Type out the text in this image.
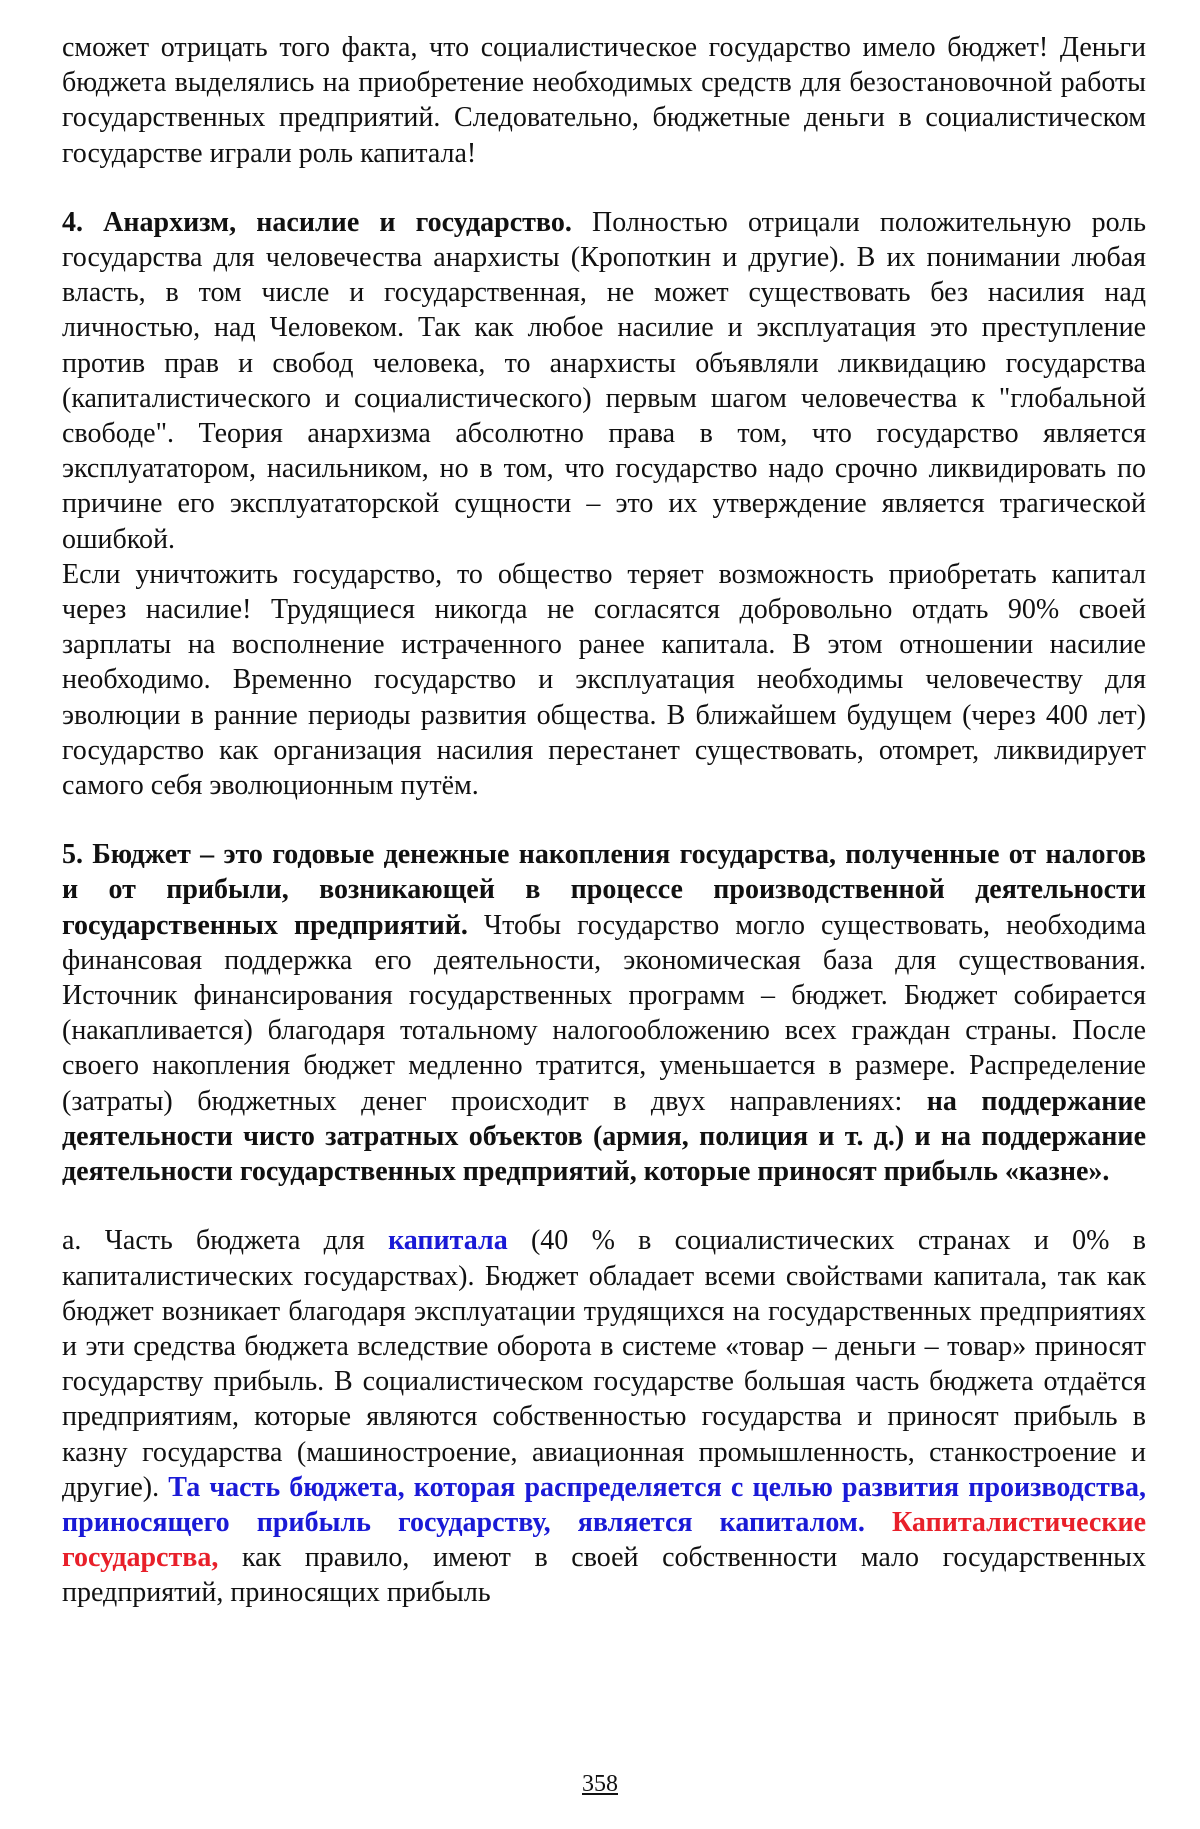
сможет отрицать того факта, что социалистическое государство имело бюджет! Деньги бюджета выделялись на приобретение необходимых средств для безостановочной работы государственных предприятий. Следовательно, бюджетные деньги в социалистическом государстве играли роль капитала!

4. Анархизм, насилие и государство. Полностью отрицали положительную роль государства для человечества анархисты (Кропоткин и другие). В их понимании любая власть, в том числе и государственная, не может существовать без насилия над личностью, над Человеком. Так как любое насилие и эксплуатация это преступление против прав и свобод человека, то анархисты объявляли ликвидацию государства (капиталистического и социалистического) первым шагом человечества к "глобальной свободе". Теория анархизма абсолютно права в том, что государство является эксплуататором, насильником, но в том, что государство надо срочно ликвидировать по причине его эксплуататорской сущности – это их утверждение является трагической ошибкой.

Если уничтожить государство, то общество теряет возможность приобретать капитал через насилие! Трудящиеся никогда не согласятся добровольно отдать 90% своей зарплаты на восполнение истраченного ранее капитала. В этом отношении насилие необходимо. Временно государство и эксплуатация необходимы человечеству для эволюции в ранние периоды развития общества. В ближайшем будущем (через 400 лет) государство как организация насилия перестанет существовать, отомрет, ликвидирует самого себя эволюционным путём.

5. Бюджет – это годовые денежные накопления государства, полученные от налогов и от прибыли, возникающей в процессе производственной деятельности государственных предприятий. Чтобы государство могло существовать, необходима финансовая поддержка его деятельности, экономическая база для существования. Источник финансирования государственных программ – бюджет. Бюджет собирается (накапливается) благодаря тотальному налогообложению всех граждан страны. После своего накопления бюджет медленно тратится, уменьшается в размере. Распределение (затраты) бюджетных денег происходит в двух направлениях: на поддержание деятельности чисто затратных объектов (армия, полиция и т. д.) и на поддержание деятельности государственных предприятий, которые приносят прибыль «казне».

а. Часть бюджета для капитала (40 % в социалистических странах и 0% в капиталистических государствах). Бюджет обладает всеми свойствами капитала, так как бюджет возникает благодаря эксплуатации трудящихся на государственных предприятиях и эти средства бюджета вследствие оборота в системе «товар – деньги – товар» приносят государству прибыль. В социалистическом государстве большая часть бюджета отдаётся предприятиям, которые являются собственностью государства и приносят прибыль в казну государства (машиностроение, авиационная промышленность, станкостроение и другие). Та часть бюджета, которая распределяется с целью развития производства, приносящего прибыль государству, является капиталом. Капиталистические государства, как правило, имеют в своей собственности мало государственных предприятий, приносящих прибыль

358
